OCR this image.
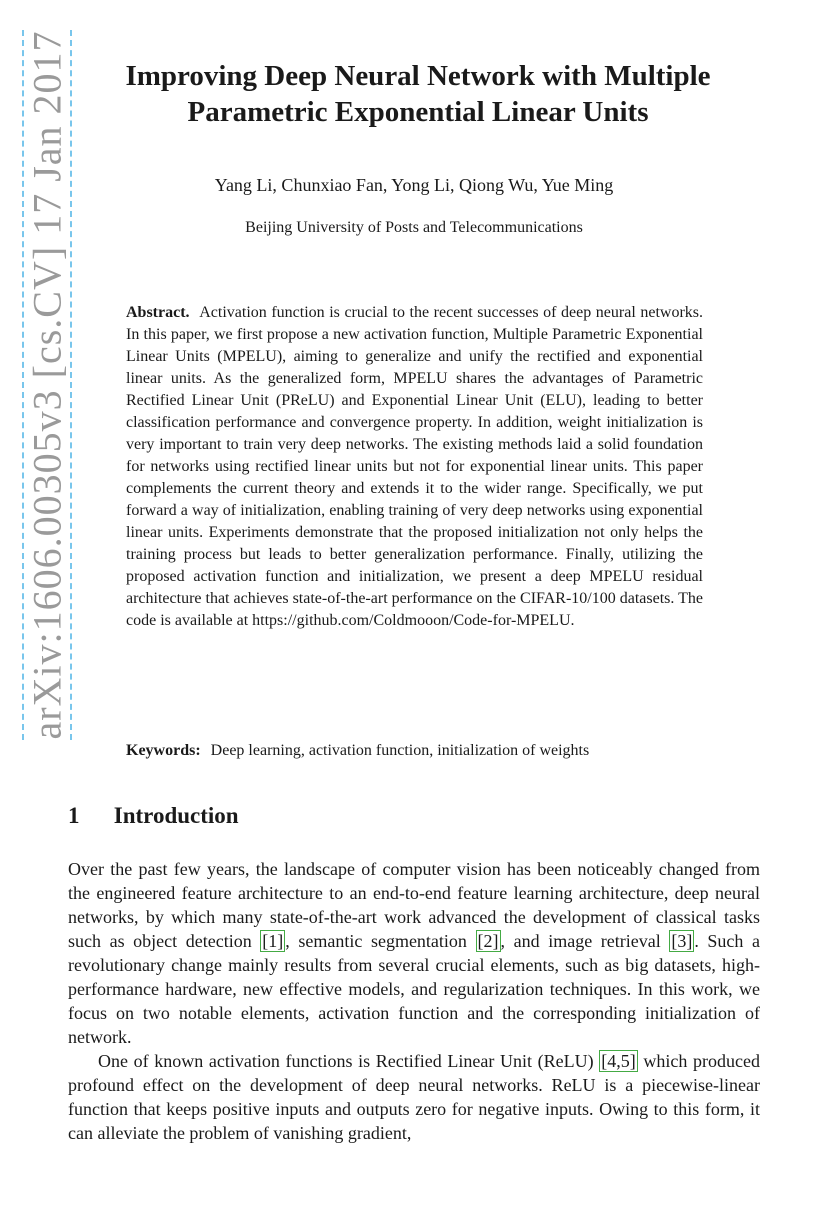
arXiv:1606.00305v3 [cs.CV] 17 Jan 2017	Improving Deep Neural Network with Multiple Parametric Exponential Linear Units
Yang Li, Chunxiao Fan, Yong Li, Qiong Wu, Yue Ming
Beijing University of Posts and Telecommunications
Abstract. Activation function is crucial to the recent successes of deep neural networks. In this paper, we first propose a new activation function, Multiple Parametric Exponential Linear Units (MPELU), aiming to generalize and unify the rectified and exponential linear units. As the generalized form, MPELU shares the advantages of Parametric Rectified Linear Unit (PReLU) and Exponential Linear Unit (ELU), leading to better classification performance and convergence property. In addition, weight initialization is very important to train very deep networks. The existing methods laid a solid foundation for networks using rectified linear units but not for exponential linear units. This paper complements the current theory and extends it to the wider range. Specifically, we put forward a way of initialization, enabling training of very deep networks using exponential linear units. Experiments demonstrate that the proposed initialization not only helps the training process but leads to better generalization performance. Finally, utilizing the proposed activation function and initialization, we present a deep MPELU residual architecture that achieves state-of-the-art performance on the CIFAR-10/100 datasets. The code is available at https://github.com/Coldmooon/Code-for-MPELU.
Keywords: Deep learning, activation function, initialization of weights
1 Introduction

Over the past few years, the landscape of computer vision has been noticeably changed from the engineered feature architecture to an end-to-end feature learning architecture, deep neural networks, by which many state-of-the-art work advanced the development of classical tasks such as object detection [1] , semantic segmentation [2] , and image retrieval [3] . Such a revolutionary change mainly results from several crucial elements, such as big datasets, high-performance hardware, new effective models, and regularization techniques. In this work, we focus on two notable elements, activation function and the corresponding initialization of network.

One of known activation functions is Rectified Linear Unit (ReLU) [4,5] which produced profound effect on the development of deep neural networks. ReLU is a piecewise-linear function that keeps positive inputs and outputs zero for negative inputs. Owing to this form, it can alleviate the problem of vanishing gradient,
